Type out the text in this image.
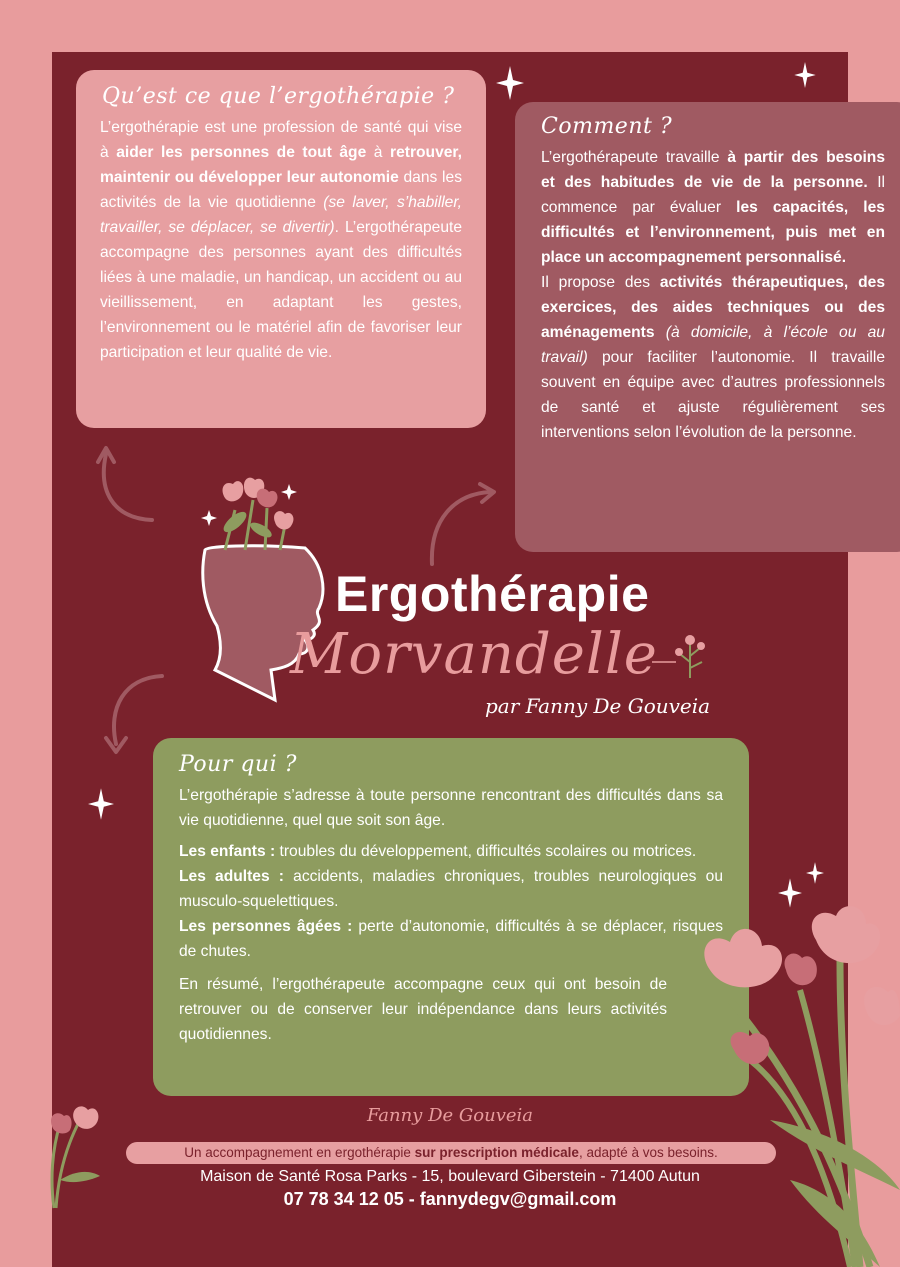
Qu’est ce que l’ergothérapie ?

L’ergothérapie est une profession de santé qui vise à aider les personnes de tout âge à retrouver, maintenir ou développer leur autonomie dans les activités de la vie quotidienne (se laver, s’habiller, travailler, se déplacer, se divertir). L’ergothérapeute accompagne des personnes ayant des difficultés liées à une maladie, un handicap, un accident ou au vieillissement, en adaptant les gestes, l’environnement ou le matériel afin de favoriser leur participation et leur qualité de vie.

Comment ?

L’ergothérapeute travaille à partir des besoins et des habitudes de vie de la personne. Il commence par évaluer les capacités, les difficultés et l’environnement, puis met en place un accompagnement personnalisé.

Il propose des activités thérapeutiques, des exercices, des aides techniques ou des aménagements (à domicile, à l’école ou au travail) pour faciliter l’autonomie. Il travaille souvent en équipe avec d’autres professionnels de santé et ajuste régulièrement ses interventions selon l’évolution de la personne.

Pour qui ?

L’ergothérapie s’adresse à toute personne rencontrant des difficultés dans sa vie quotidienne, quel que soit son âge.

Les enfants : troubles du développement, difficultés scolaires ou motrices.

Les adultes : accidents, maladies chroniques, troubles neurologiques ou musculo-squelettiques.

Les personnes âgées : perte d’autonomie, difficultés à se déplacer, risques de chutes.

En résumé, l’ergothérapeute accompagne ceux qui ont besoin de retrouver ou de conserver leur indépendance dans leurs activités quotidiennes.

Ergothérapie
Morvandelle
par Fanny De Gouveia
Fanny De Gouveia
Un accompagnement en ergothérapie sur prescription médicale, adapté à vos besoins.
Maison de Santé Rosa Parks - 15, boulevard Giberstein - 71400 Autun
07 78 34 12 05 - fannydegv@gmail.com
